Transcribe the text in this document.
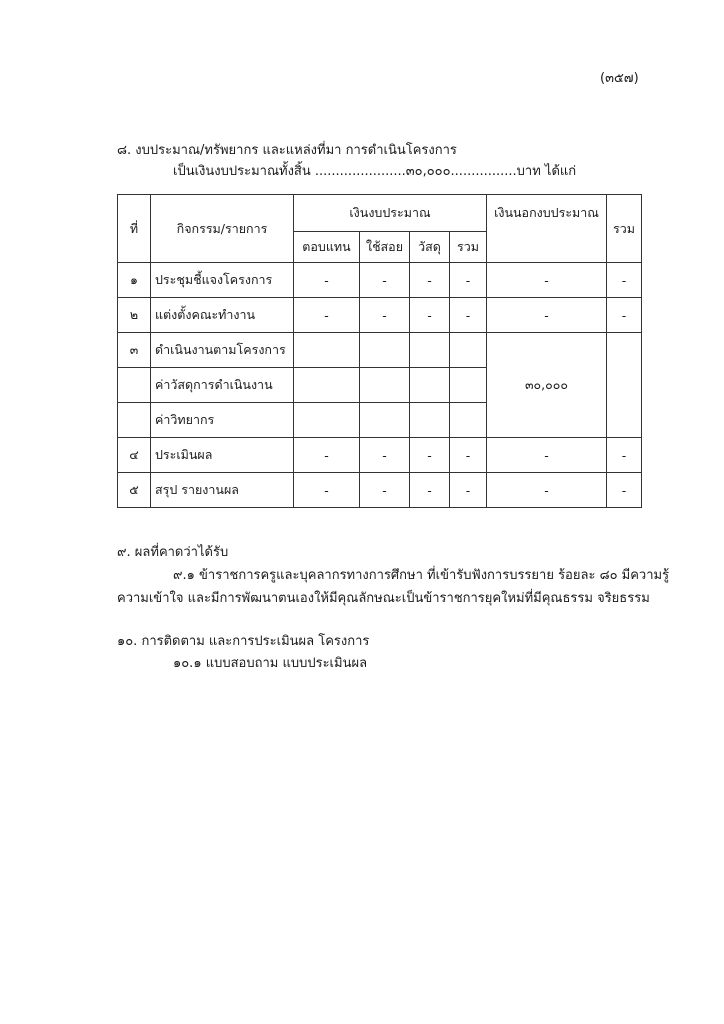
(๓๕๗)
๘. งบประมาณ/ทรัพยากร และแหล่งที่มา การดำเนินโครงการ
เป็นเงินงบประมาณทั้งสิ้น ......................๓๐,๐๐๐................บาท ได้แก่
ที่	กิจกรรม/รายการ	เงินงบประมาณ				เงินนอกงบประมาณ	รวม
		ตอบแทน	ใช้สอย	วัสดุ	รวม		
๑	ประชุมชี้แจงโครงการ	-	-	-	-	-	-
๒	แต่งตั้งคณะทำงาน	-	-	-	-	-	-
๓	ดำเนินงานตามโครงการ					๓๐,๐๐๐	
	ค่าวัสดุการดำเนินงาน						
	ค่าวิทยากร						
๔	ประเมินผล	-	-	-	-	-	-
๕	สรุป รายงานผล	-	-	-	-	-	-
๙. ผลที่คาดว่าได้รับ
๙.๑ ข้าราชการครูและบุคลากรทางการศึกษา ที่เข้ารับฟังการบรรยาย ร้อยละ ๘๐ มีความรู้
ความเข้าใจ และมีการพัฒนาตนเองให้มีคุณลักษณะเป็นข้าราชการยุคใหม่ที่มีคุณธรรม จริยธรรม
๑๐. การติดตาม และการประเมินผล โครงการ
๑๐.๑ แบบสอบถาม แบบประเมินผล
